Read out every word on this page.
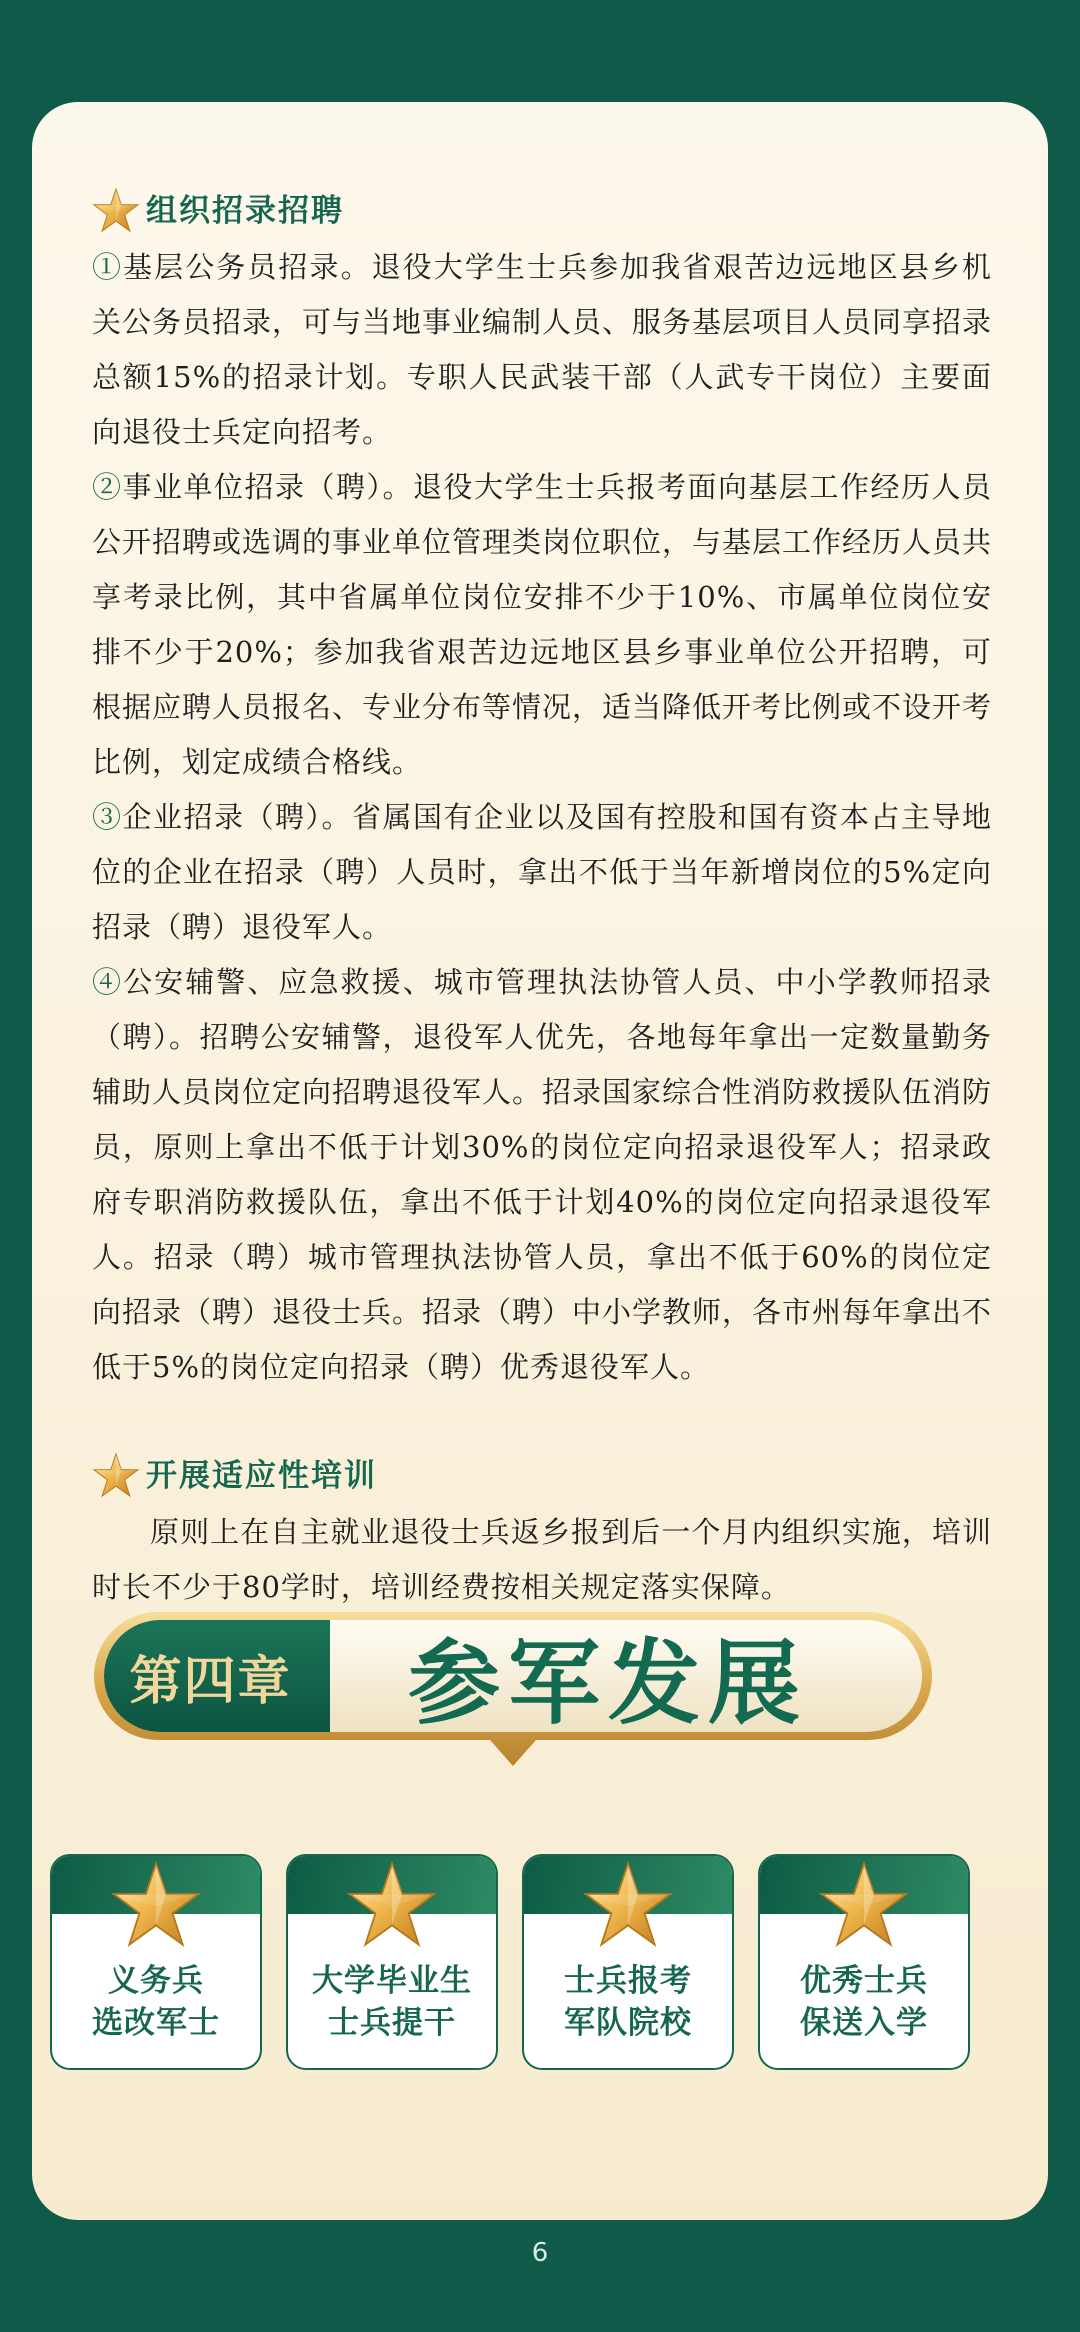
组织招录招聘

①基层公务员招录。退役大学生士兵参加我省艰苦边远地区县乡机关公务员招录，可与当地事业编制人员、服务基层项目人员同享招录总额15%的招录计划。专职人民武装干部（人武专干岗位）主要面向退役士兵定向招考。

②事业单位招录（聘）。退役大学生士兵报考面向基层工作经历人员公开招聘或选调的事业单位管理类岗位职位，与基层工作经历人员共享考录比例，其中省属单位岗位安排不少于10%、市属单位岗位安排不少于20%；参加我省艰苦边远地区县乡事业单位公开招聘，可根据应聘人员报名、专业分布等情况，适当降低开考比例或不设开考比例，划定成绩合格线。

③企业招录（聘）。省属国有企业以及国有控股和国有资本占主导地位的企业在招录（聘）人员时，拿出不低于当年新增岗位的5%定向招录（聘）退役军人。

④公安辅警、应急救援、城市管理执法协管人员、中小学教师招录（聘）。招聘公安辅警，退役军人优先，各地每年拿出一定数量勤务辅助人员岗位定向招聘退役军人。招录国家综合性消防救援队伍消防员，原则上拿出不低于计划30%的岗位定向招录退役军人；招录政府专职消防救援队伍，拿出不低于计划40%的岗位定向招录退役军人。招录（聘）城市管理执法协管人员，拿出不低于60%的岗位定向招录（聘）退役士兵。招录（聘）中小学教师，各市州每年拿出不低于5%的岗位定向招录（聘）优秀退役军人。

开展适应性培训

原则上在自主就业退役士兵返乡报到后一个月内组织实施，培训时长不少于80学时，培训经费按相关规定落实保障。

第四章	参军发展
义务兵
选改军士
大学毕业生
士兵提干
士兵报考
军队院校
优秀士兵
保送入学
6
